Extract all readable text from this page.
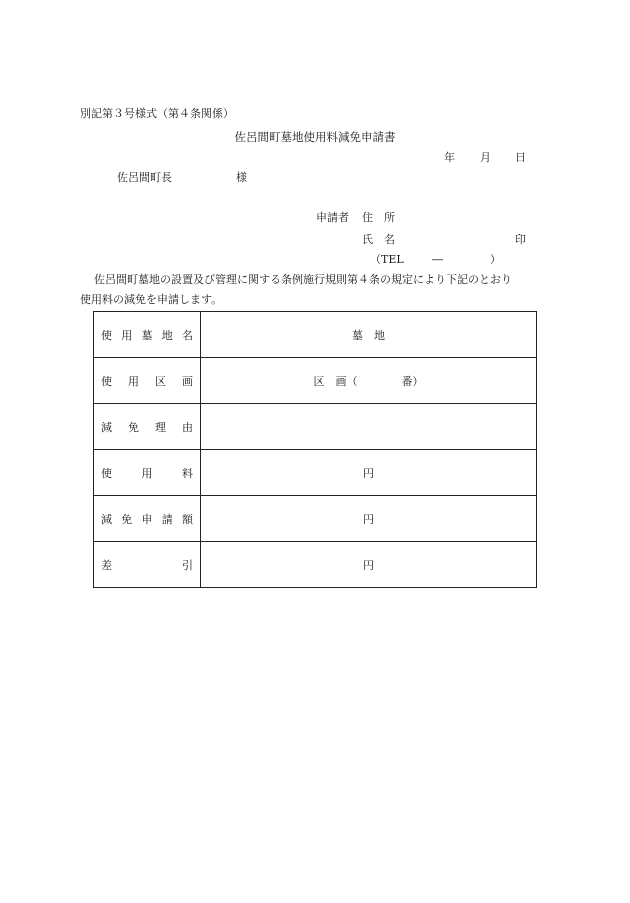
別記第３号様式（第４条関係）
佐呂間町墓地使用料減免申請書
年 月 日
佐呂間町長	様
申請者 住　所
氏　名	印
（TEL	―	）
佐呂間町墓地の設置及び管理に関する条例施行規則第４条の規定により下記のとおり
使用料の減免を申請します。
使 用 墓 地 名	墓　地

使 用 区 画	区　画（　　　　番）

減 免 理 由	

使 用 料	円

減 免 申 請 額	円

差 引	円
